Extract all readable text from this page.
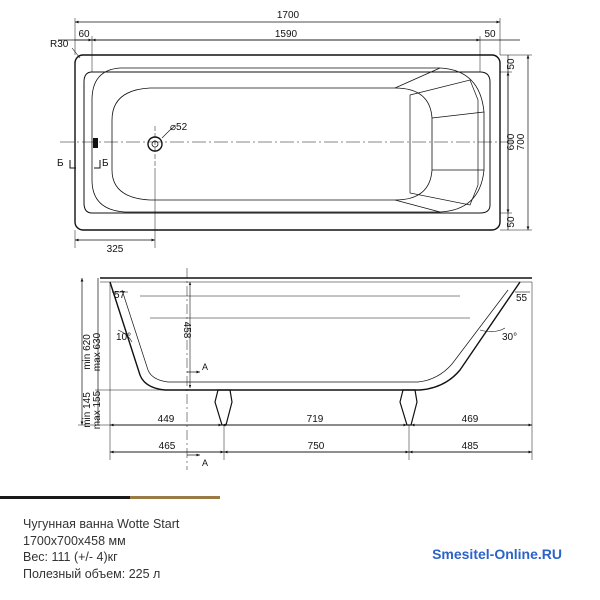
1700
60	1590	50
R30
⌀52
Б	Б
50
600
50
700
325
458
57	55
10°	30°
min 620 max 630
min 145 max 155	449	719	469
465	750	485
A
A
Чугунная ванна Wotte Start
1700x700x458 мм
Вес: 111 (+/- 4)кг
Полезный объем: 225 л
Smesitel-Online.RU
